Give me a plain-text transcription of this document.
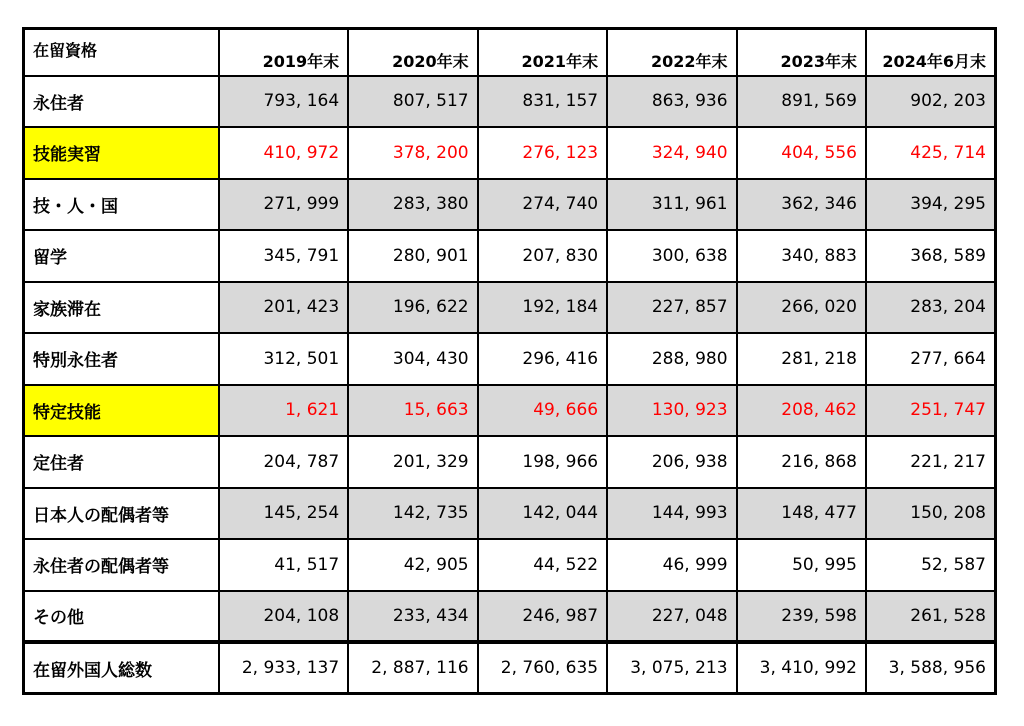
在留資格	2019年末	2020年末	2021年末	2022年末	2023年末	2024年6月末
永住者	793, 164	807, 517	831, 157	863, 936	891, 569	902, 203
技能実習	410, 972	378, 200	276, 123	324, 940	404, 556	425, 714
技・人・国	271, 999	283, 380	274, 740	311, 961	362, 346	394, 295
留学	345, 791	280, 901	207, 830	300, 638	340, 883	368, 589
家族滞在	201, 423	196, 622	192, 184	227, 857	266, 020	283, 204
特別永住者	312, 501	304, 430	296, 416	288, 980	281, 218	277, 664
特定技能	1, 621	15, 663	49, 666	130, 923	208, 462	251, 747
定住者	204, 787	201, 329	198, 966	206, 938	216, 868	221, 217
日本人の配偶者等	145, 254	142, 735	142, 044	144, 993	148, 477	150, 208
永住者の配偶者等	41, 517	42, 905	44, 522	46, 999	50, 995	52, 587
その他	204, 108	233, 434	246, 987	227, 048	239, 598	261, 528
在留外国人総数	2, 933, 137	2, 887, 116	2, 760, 635	3, 075, 213	3, 410, 992	3, 588, 956
